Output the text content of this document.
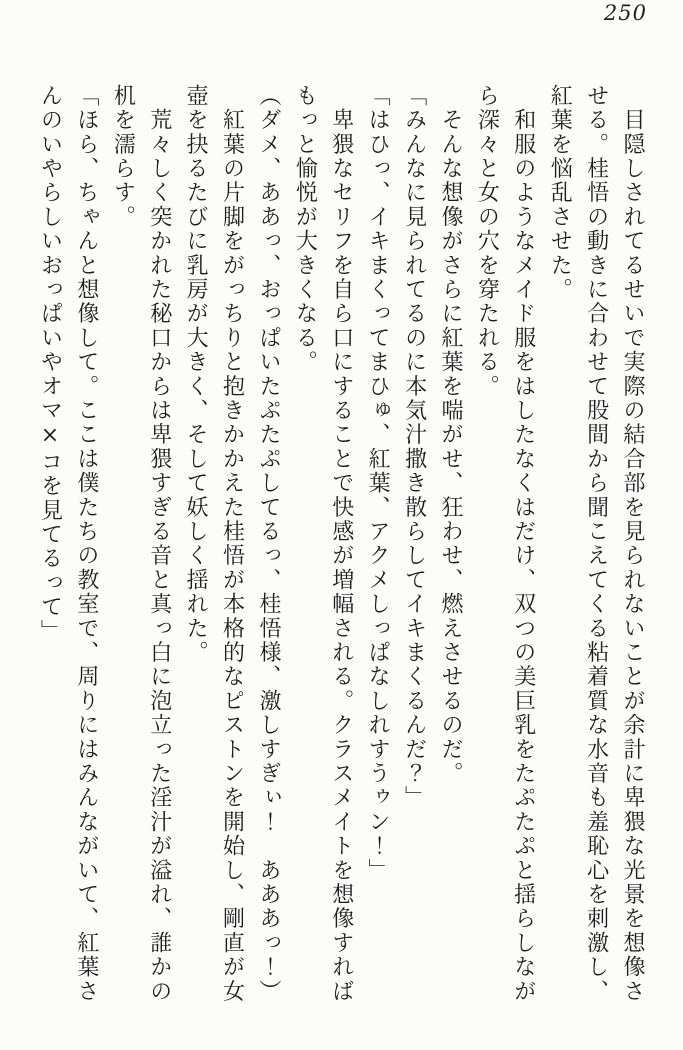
250

　目隠しされてるせいで実際の結合部を見られないことが余計に卑猥な光景を想像さ

せる。桂悟の動きに合わせて股間から聞こえてくる粘着質な水音も羞恥心を刺激し、

紅葉を悩乱させた。

　和服のようなメイド服をはしたなくはだけ、双つの美巨乳をたぷたぷと揺らしなが

ら深々と女の穴を穿たれる。

　そんな想像がさらに紅葉を喘がせ、狂わせ、燃えさせるのだ。

「みんなに見られてるのに本気汁撒き散らしてイキまくるんだ？」

「はひっ、イキまくってまひゅ、紅葉、アクメしっぱなしれすうゥン！」

　卑猥なセリフを自ら口にすることで快感が増幅される。クラスメイトを想像すれば

もっと愉悦が大きくなる。

（ダメ、ああっ、おっぱいたぷたぷしてるっ、桂悟様、激しすぎぃ！　あああっ！）

　紅葉の片脚をがっちりと抱きかかえた桂悟が本格的なピストンを開始し、剛直が女

壺を抉るたびに乳房が大きく、そして妖しく揺れた。

　荒々しく突かれた秘口からは卑猥すぎる音と真っ白に泡立った淫汁が溢れ、誰かの

机を濡らす。

「ほら、ちゃんと想像して。ここは僕たちの教室で、周りにはみんながいて、紅葉さ

んのいやらしいおっぱいやオマ×コを見てるって」
